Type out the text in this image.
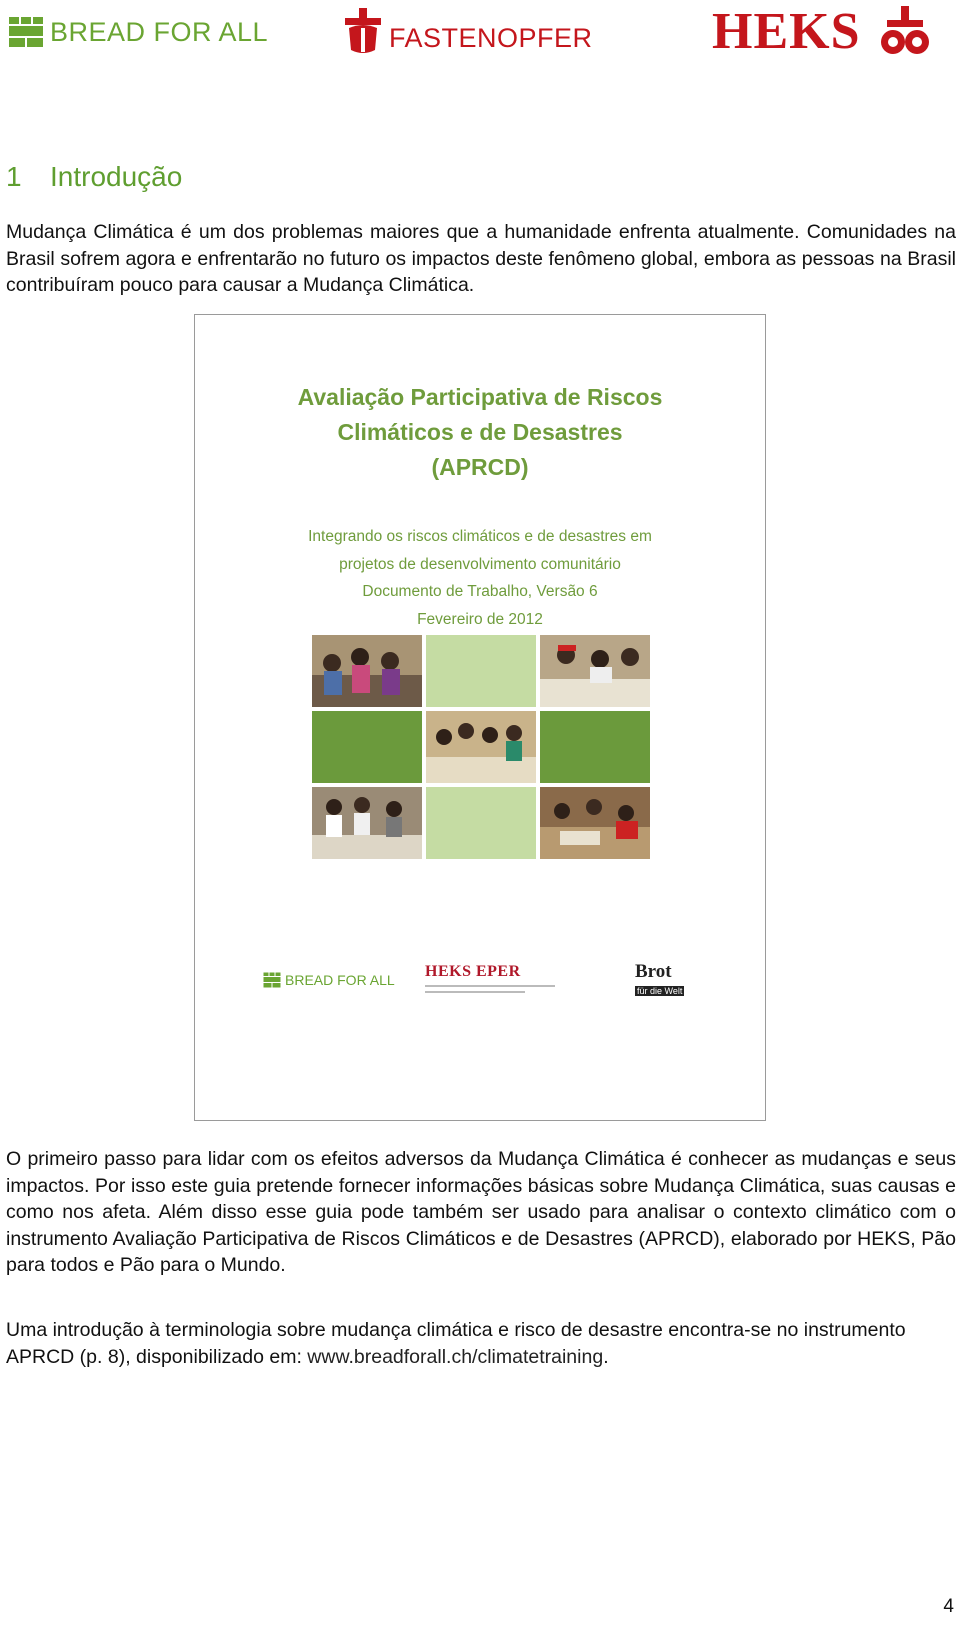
BREAD FOR ALL	FASTENOPFER HEKS
1 Introdução

Mudança Climática é um dos problemas maiores que a humanidade enfrenta atualmente. Comunidades na Brasil sofrem agora e enfrentarão no futuro os impactos deste fenômeno global, embora as pessoas na Brasil contribuíram pouco para causar a Mudança Climática.

Avaliação Participativa de Riscos
Climáticos e de Desastres
(APRCD)
Integrando os riscos climáticos e de desastres em
projetos de desenvolvimento comunitário
Documento de Trabalho, Versão 6
Fevereiro de 2012
BREAD FOR ALL HEKS EPER	Brot
für die Welt

O primeiro passo para lidar com os efeitos adversos da Mudança Climática é conhecer as mudanças e seus impactos. Por isso este guia pretende fornecer informações básicas sobre Mudança Climática, suas causas e como nos afeta. Além disso esse guia pode também ser usado para analisar o contexto climático com o instrumento Avaliação Participativa de Riscos Climáticos e de Desastres (APRCD), elaborado por HEKS, Pão para todos e Pão para o Mundo.

Uma introdução à terminologia sobre mudança climática e risco de desastre encontra-se no instrumento APRCD (p. 8), disponibilizado em: www.breadforall.ch/climatetraining.

4
